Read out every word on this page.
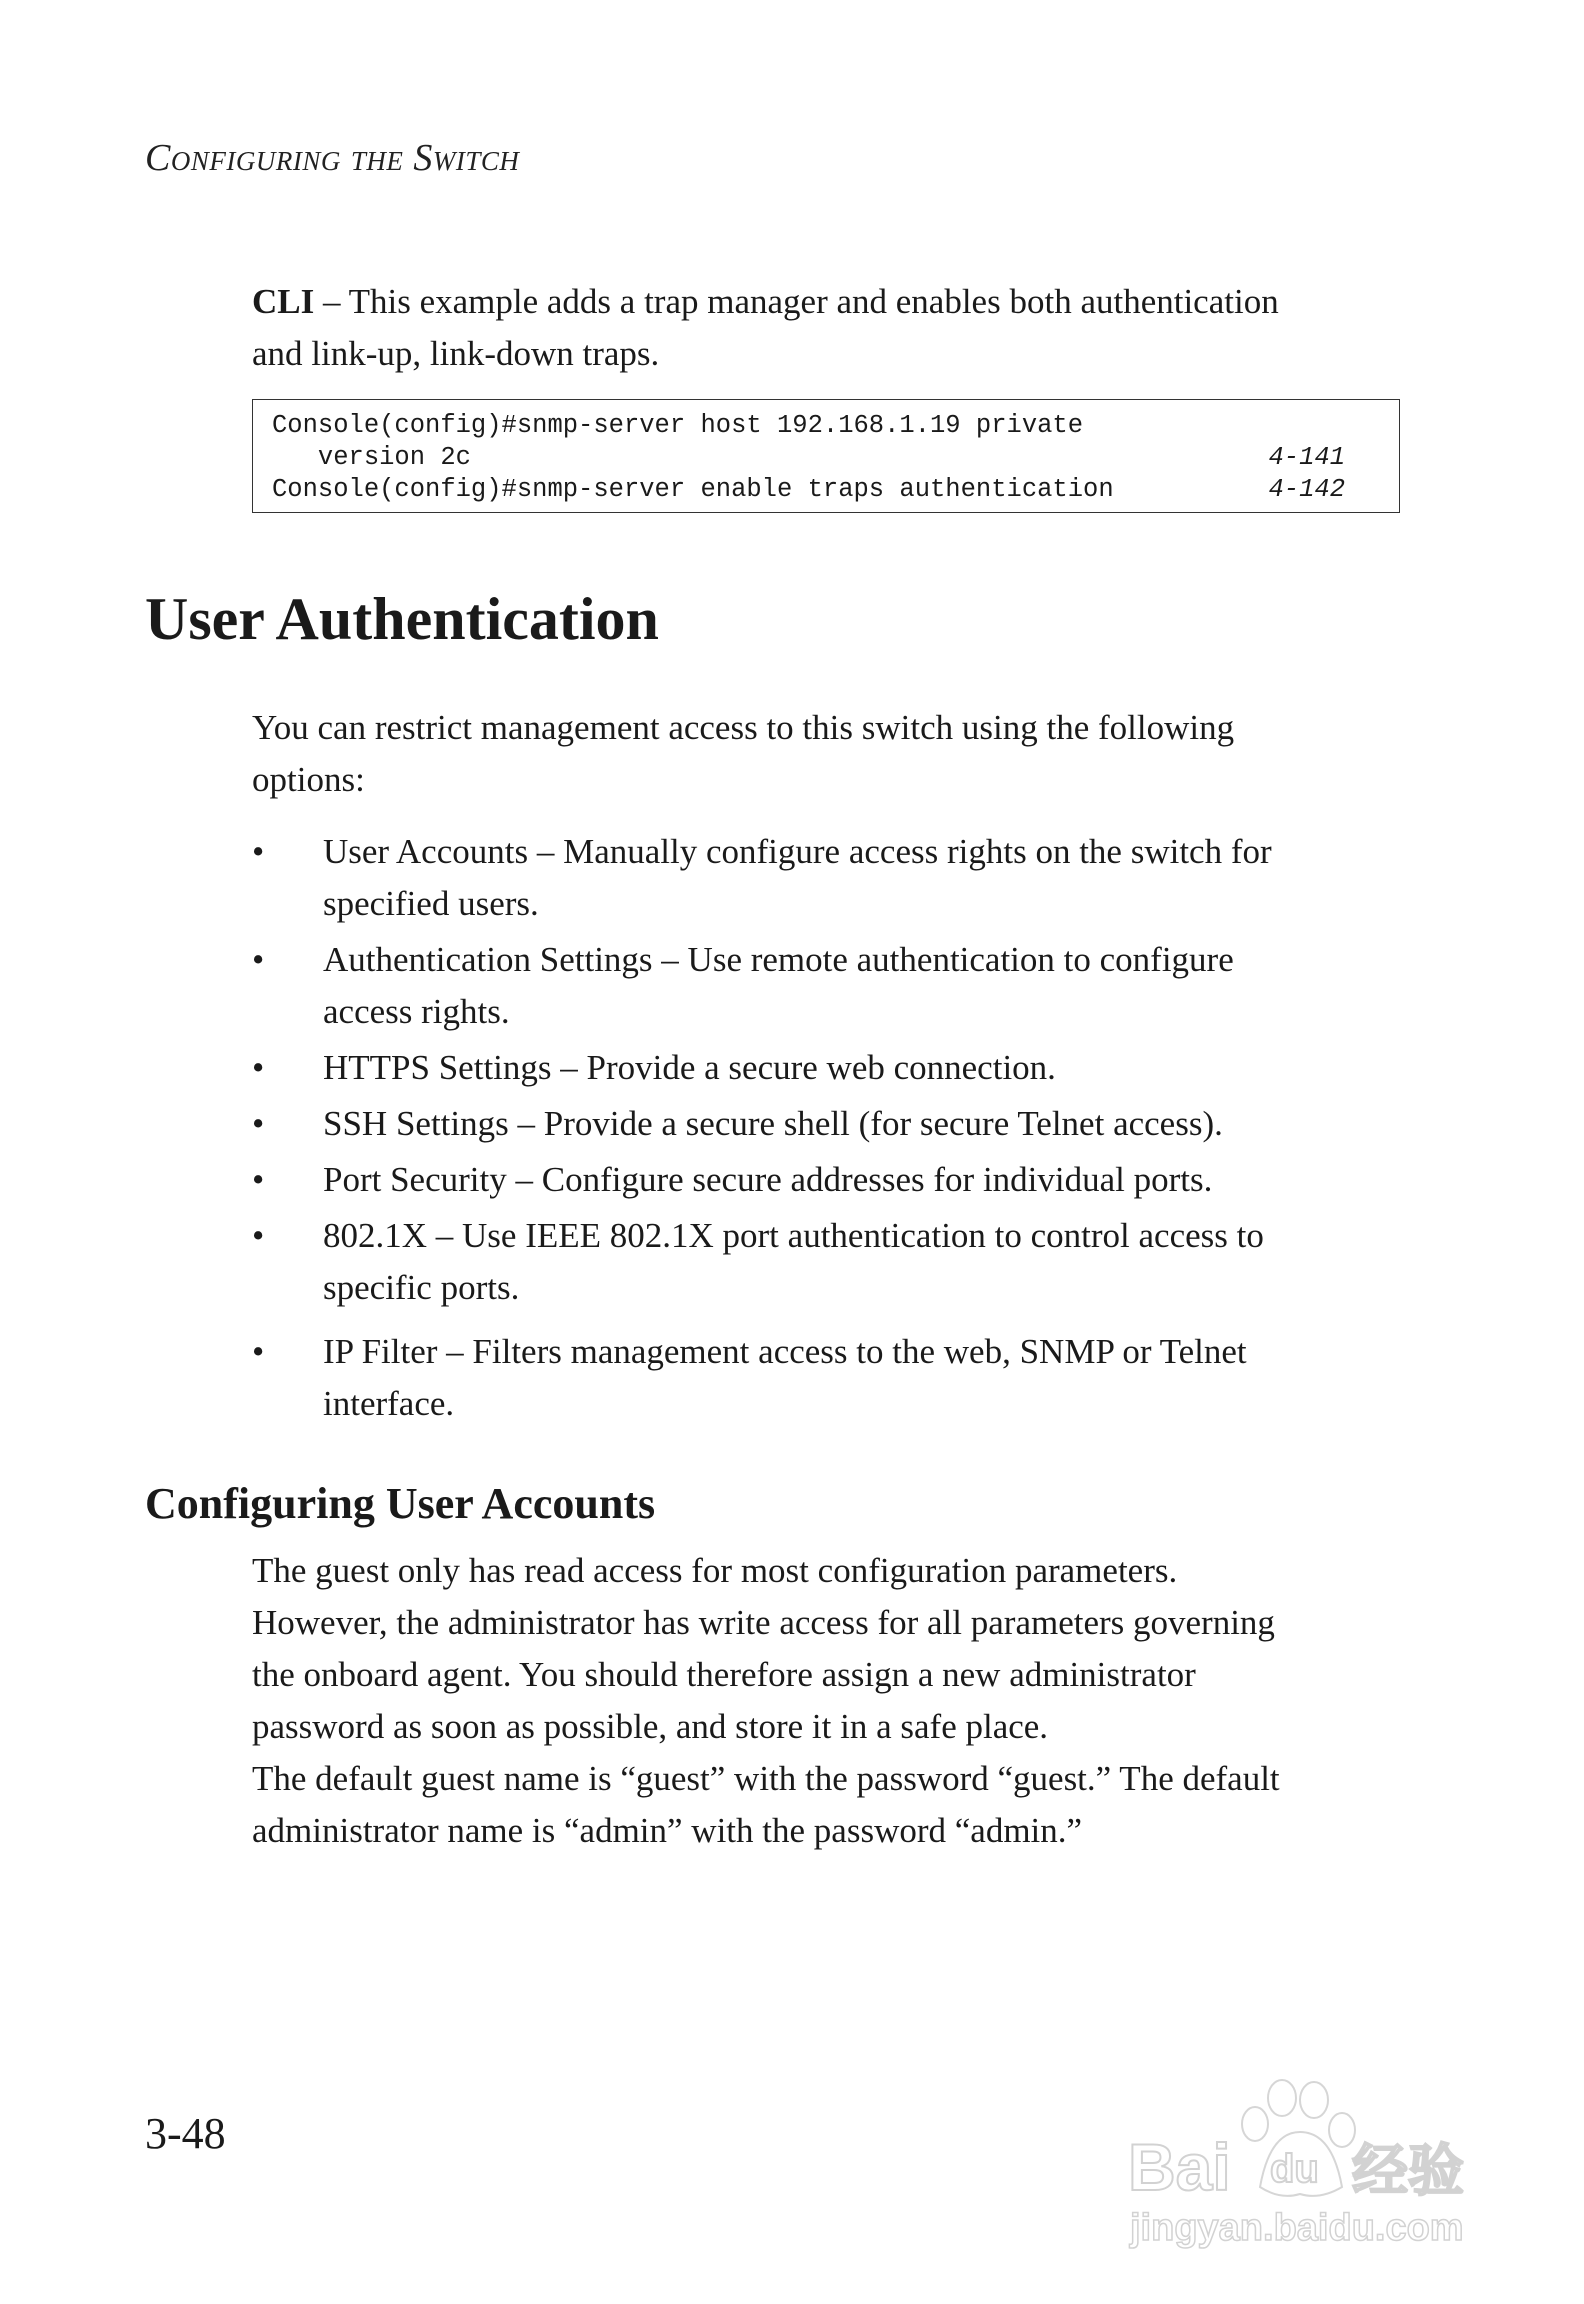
Configuring the Switch
CLI – This example adds a trap manager and enables both authentication
and link-up, link-down traps.
Console(config)#snmp-server host 192.168.1.19 private
version 2c	4-141
Console(config)#snmp-server enable traps authentication	4-142
User Authentication
You can restrict management access to this switch using the following
options:
• User Accounts – Manually configure access rights on the switch for
specified users.
• Authentication Settings – Use remote authentication to configure
access rights.
• HTTPS Settings – Provide a secure web connection.
• SSH Settings – Provide a secure shell (for secure Telnet access).
• Port Security – Configure secure addresses for individual ports.
• 802.1X – Use IEEE 802.1X port authentication to control access to
specific ports.
• IP Filter – Filters management access to the web, SNMP or Telnet
interface.
Configuring User Accounts
The guest only has read access for most configuration parameters.
However, the administrator has write access for all parameters governing
the onboard agent. You should therefore assign a new administrator
password as soon as possible, and store it in a safe place.
The default guest name is “guest” with the password “guest.” The default
administrator name is “admin” with the password “admin.”
3-48	Bai du 经验
jingyan.baidu.com
